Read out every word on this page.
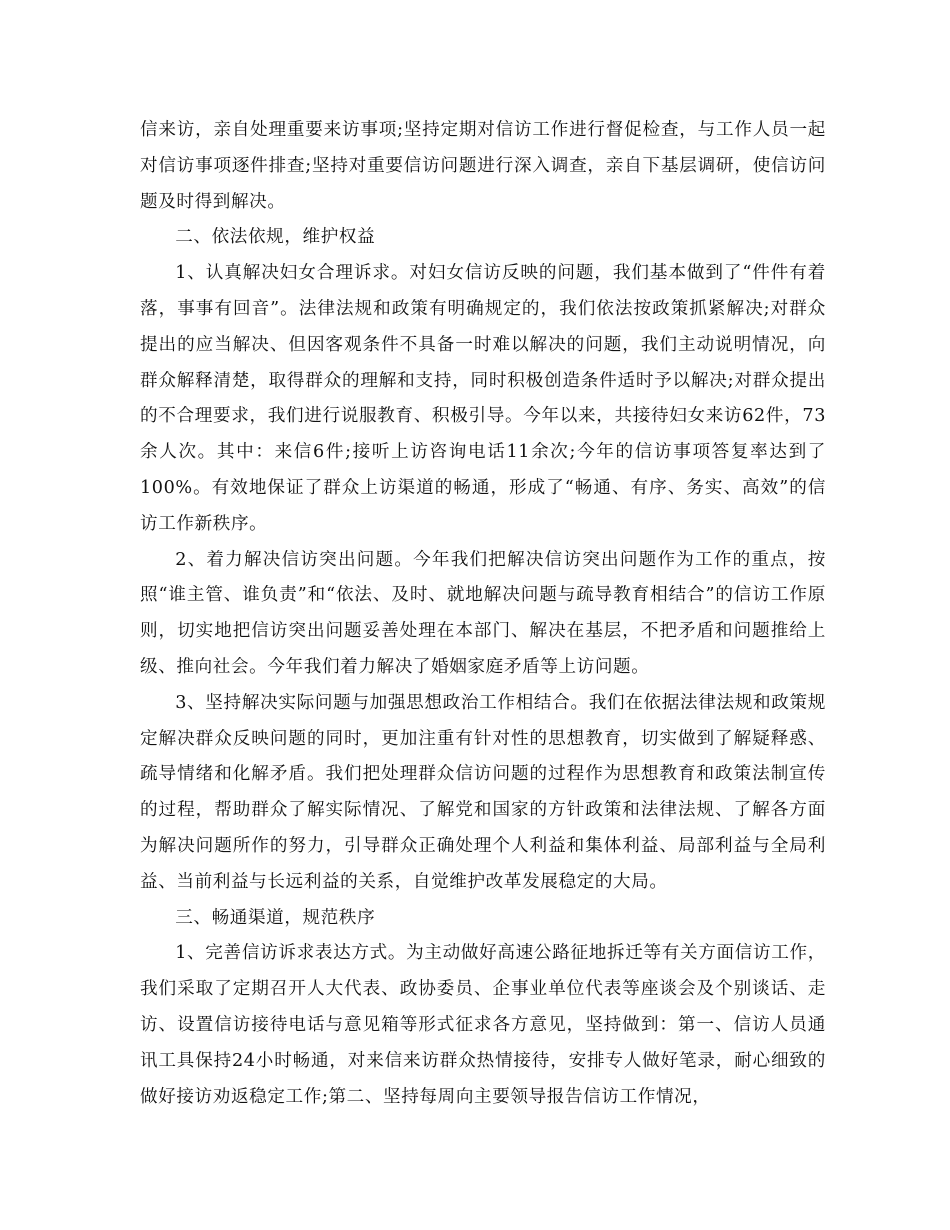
信来访，亲自处理重要来访事项;坚持定期对信访工作进行督促检查，与工作人员一起对信访事项逐件排查;坚持对重要信访问题进行深入调查，亲自下基层调研，使信访问题及时得到解决。

二、依法依规，维护权益

1、认真解决妇女合理诉求。对妇女信访反映的问题，我们基本做到了“件件有着落，事事有回音”。法律法规和政策有明确规定的，我们依法按政策抓紧解决;对群众提出的应当解决、但因客观条件不具备一时难以解决的问题，我们主动说明情况，向群众解释清楚，取得群众的理解和支持，同时积极创造条件适时予以解决;对群众提出的不合理要求，我们进行说服教育、积极引导。今年以来，共接待妇女来访62件，73余人次。其中：来信6件;接听上访咨询电话11余次;今年的信访事项答复率达到了100%。有效地保证了群众上访渠道的畅通，形成了“畅通、有序、务实、高效”的信访工作新秩序。

2、着力解决信访突出问题。今年我们把解决信访突出问题作为工作的重点，按照“谁主管、谁负责”和“依法、及时、就地解决问题与疏导教育相结合”的信访工作原则，切实地把信访突出问题妥善处理在本部门、解决在基层，不把矛盾和问题推给上级、推向社会。今年我们着力解决了婚姻家庭矛盾等上访问题。

3、坚持解决实际问题与加强思想政治工作相结合。我们在依据法律法规和政策规定解决群众反映问题的同时，更加注重有针对性的思想教育，切实做到了解疑释惑、疏导情绪和化解矛盾。我们把处理群众信访问题的过程作为思想教育和政策法制宣传的过程，帮助群众了解实际情况、了解党和国家的方针政策和法律法规、了解各方面为解决问题所作的努力，引导群众正确处理个人利益和集体利益、局部利益与全局利益、当前利益与长远利益的关系，自觉维护改革发展稳定的大局。

三、畅通渠道，规范秩序

1、完善信访诉求表达方式。为主动做好高速公路征地拆迁等有关方面信访工作，我们采取了定期召开人大代表、政协委员、企事业单位代表等座谈会及个别谈话、走访、设置信访接待电话与意见箱等形式征求各方意见，坚持做到：第一、信访人员通讯工具保持24小时畅通，对来信来访群众热情接待，安排专人做好笔录，耐心细致的做好接访劝返稳定工作;第二、坚持每周向主要领导报告信访工作情况，
